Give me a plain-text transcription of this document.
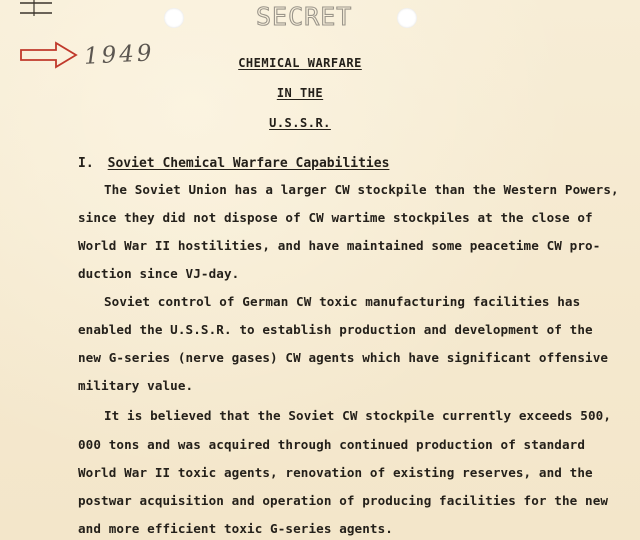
SECRET
1949	CHEMICAL WARFARE
IN THE
U.S.S.R.
I. Soviet Chemical Warfare Capabilities
The Soviet Union has a larger CW stockpile than the Western Powers,
since they did not dispose of CW wartime stockpiles at the close of
World War II hostilities, and have maintained some peacetime CW pro-
duction since VJ-day.
Soviet control of German CW toxic manufacturing facilities has
enabled the U.S.S.R. to establish production and development of the
new G-series (nerve gases) CW agents which have significant offensive
military value.
It is believed that the Soviet CW stockpile currently exceeds 500,
000 tons and was acquired through continued production of standard
World War II toxic agents, renovation of existing reserves, and the
postwar acquisition and operation of producing facilities for the new
and more efficient toxic G-series agents.
